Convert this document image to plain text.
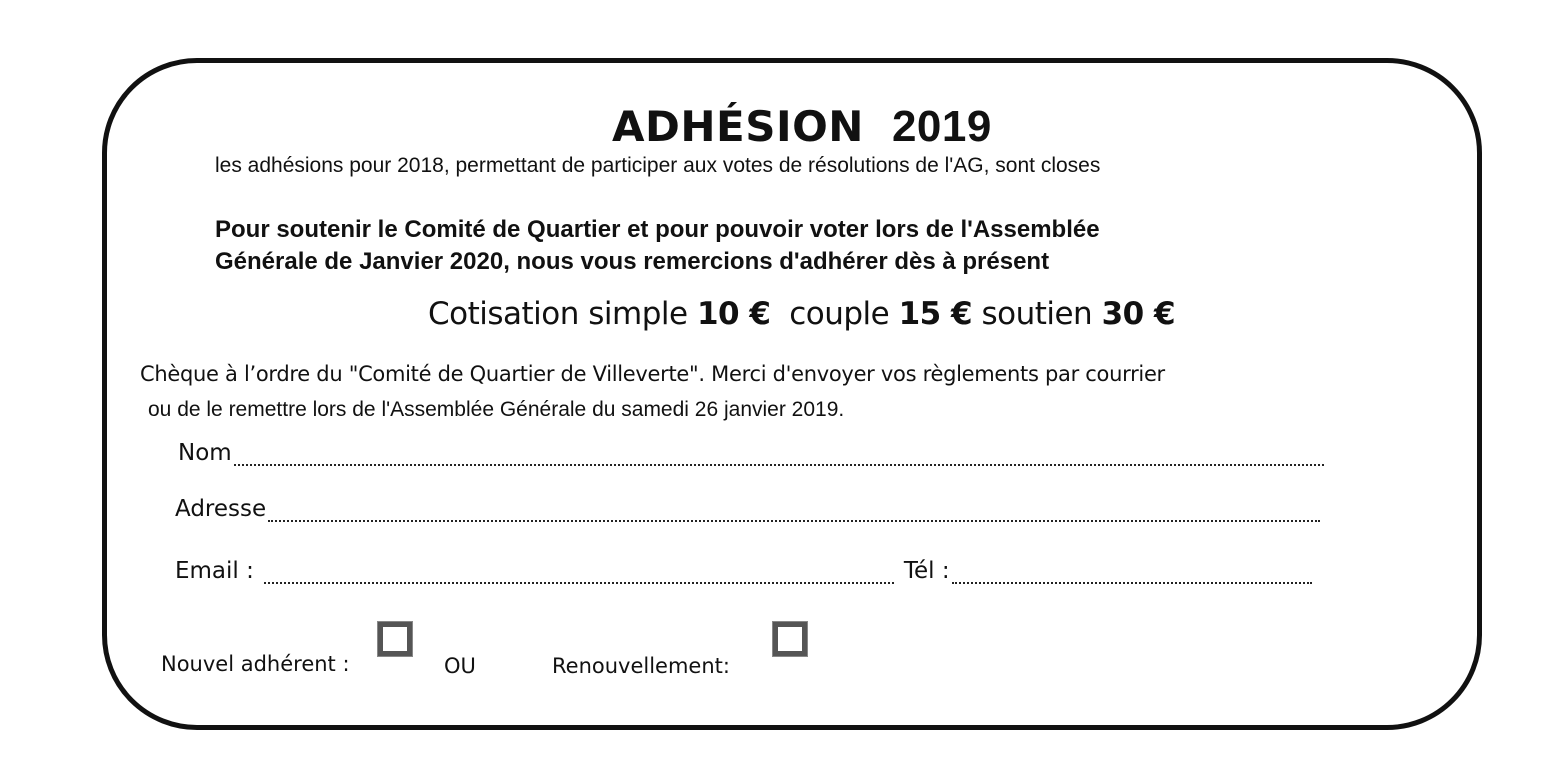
ADHÉSION 2019
les adhésions pour 2018, permettant de participer aux votes de résolutions de l'AG, sont closes
Pour soutenir le Comité de Quartier et pour pouvoir voter lors de l'Assemblée
Générale de Janvier 2020, nous vous remercions d'adhérer dès à présent
Cotisation simple 10 € couple 15 € soutien 30 €
Chèque à l’ordre du "Comité de Quartier de Villeverte". Merci d'envoyer vos règlements par courrier
ou de le remettre lors de l'Assemblée Générale du samedi 26 janvier 2019.
Nom
Adresse
Email :	Tél :
Nouvel adhérent :	OU	Renouvellement:
